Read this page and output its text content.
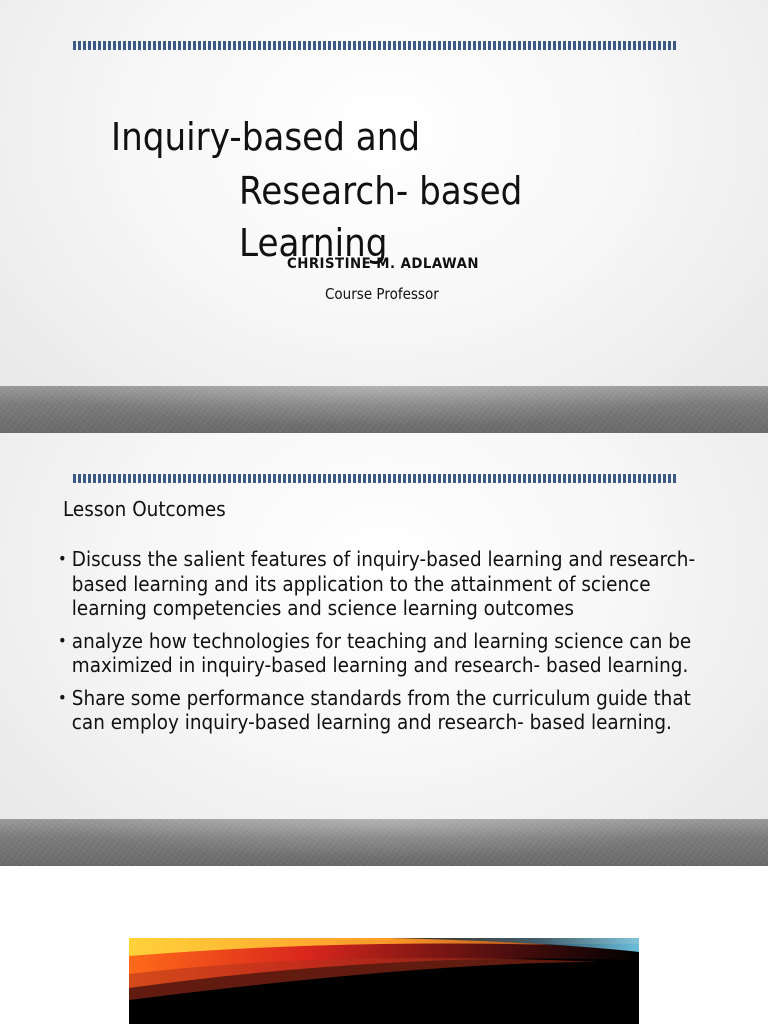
Inquiry-based and
Research- based
Learning
CHRISTINE M. ADLAWAN
Course Professor
Lesson Outcomes
• Discuss the salient features of inquiry-based learning and research-based learning and its application to the attainment of science learning competencies and science learning outcomes
• analyze how technologies for teaching and learning science can be maximized in inquiry-based learning and research- based learning.
• Share some performance standards from the curriculum guide that can employ inquiry-based learning and research- based learning.
